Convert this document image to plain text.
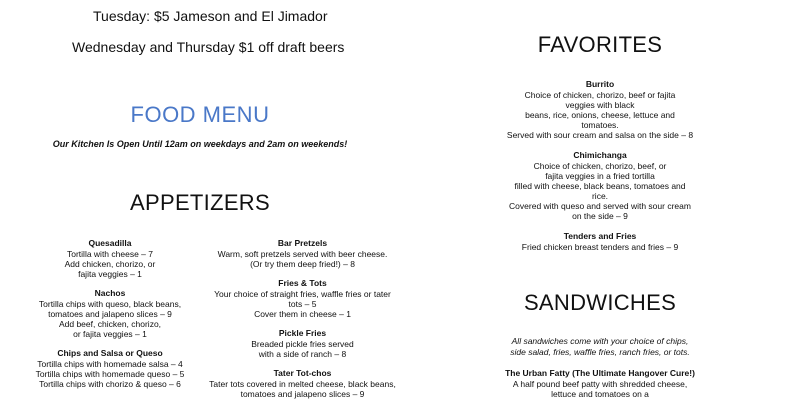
Tuesday: $5 Jameson and El Jimador
Wednesday and Thursday $1 off draft beers
FOOD MENU
Our Kitchen Is Open Until 12am on weekdays and 2am on weekends!
APPETIZERS
Quesadilla
Tortilla with cheese – 7
Add chicken, chorizo, or
fajita veggies – 1
Nachos
Tortilla chips with queso, black beans,
tomatoes and jalapeno slices – 9
Add beef, chicken, chorizo,
or fajita veggies – 1
Chips and Salsa or Queso
Tortilla chips with homemade salsa – 4
Tortilla chips with homemade queso – 5
Tortilla chips with chorizo & queso – 6
Bar Pretzels
Warm, soft pretzels served with beer cheese.
(Or try them deep fried!) – 8
Fries & Tots
Your choice of straight fries, waffle fries or tater
tots – 5
Cover them in cheese – 1
Pickle Fries
Breaded pickle fries served
with a side of ranch – 8
Tater Tot-chos
Tater tots covered in melted cheese, black beans,
tomatoes and jalapeno slices – 9
FAVORITES
Burrito
Choice of chicken, chorizo, beef or fajita
veggies with black
beans, rice, onions, cheese, lettuce and
tomatoes.
Served with sour cream and salsa on the side – 8
Chimichanga
Choice of chicken, chorizo, beef, or
fajita veggies in a fried tortilla
filled with cheese, black beans, tomatoes and
rice.
Covered with queso and served with sour cream
on the side – 9
Tenders and Fries
Fried chicken breast tenders and fries – 9
SANDWICHES
All sandwiches come with your choice of chips,
side salad, fries, waffle fries, ranch fries, or tots.
The Urban Fatty (The Ultimate Hangover Cure!)
A half pound beef patty with shredded cheese,
lettuce and tomatoes on a
